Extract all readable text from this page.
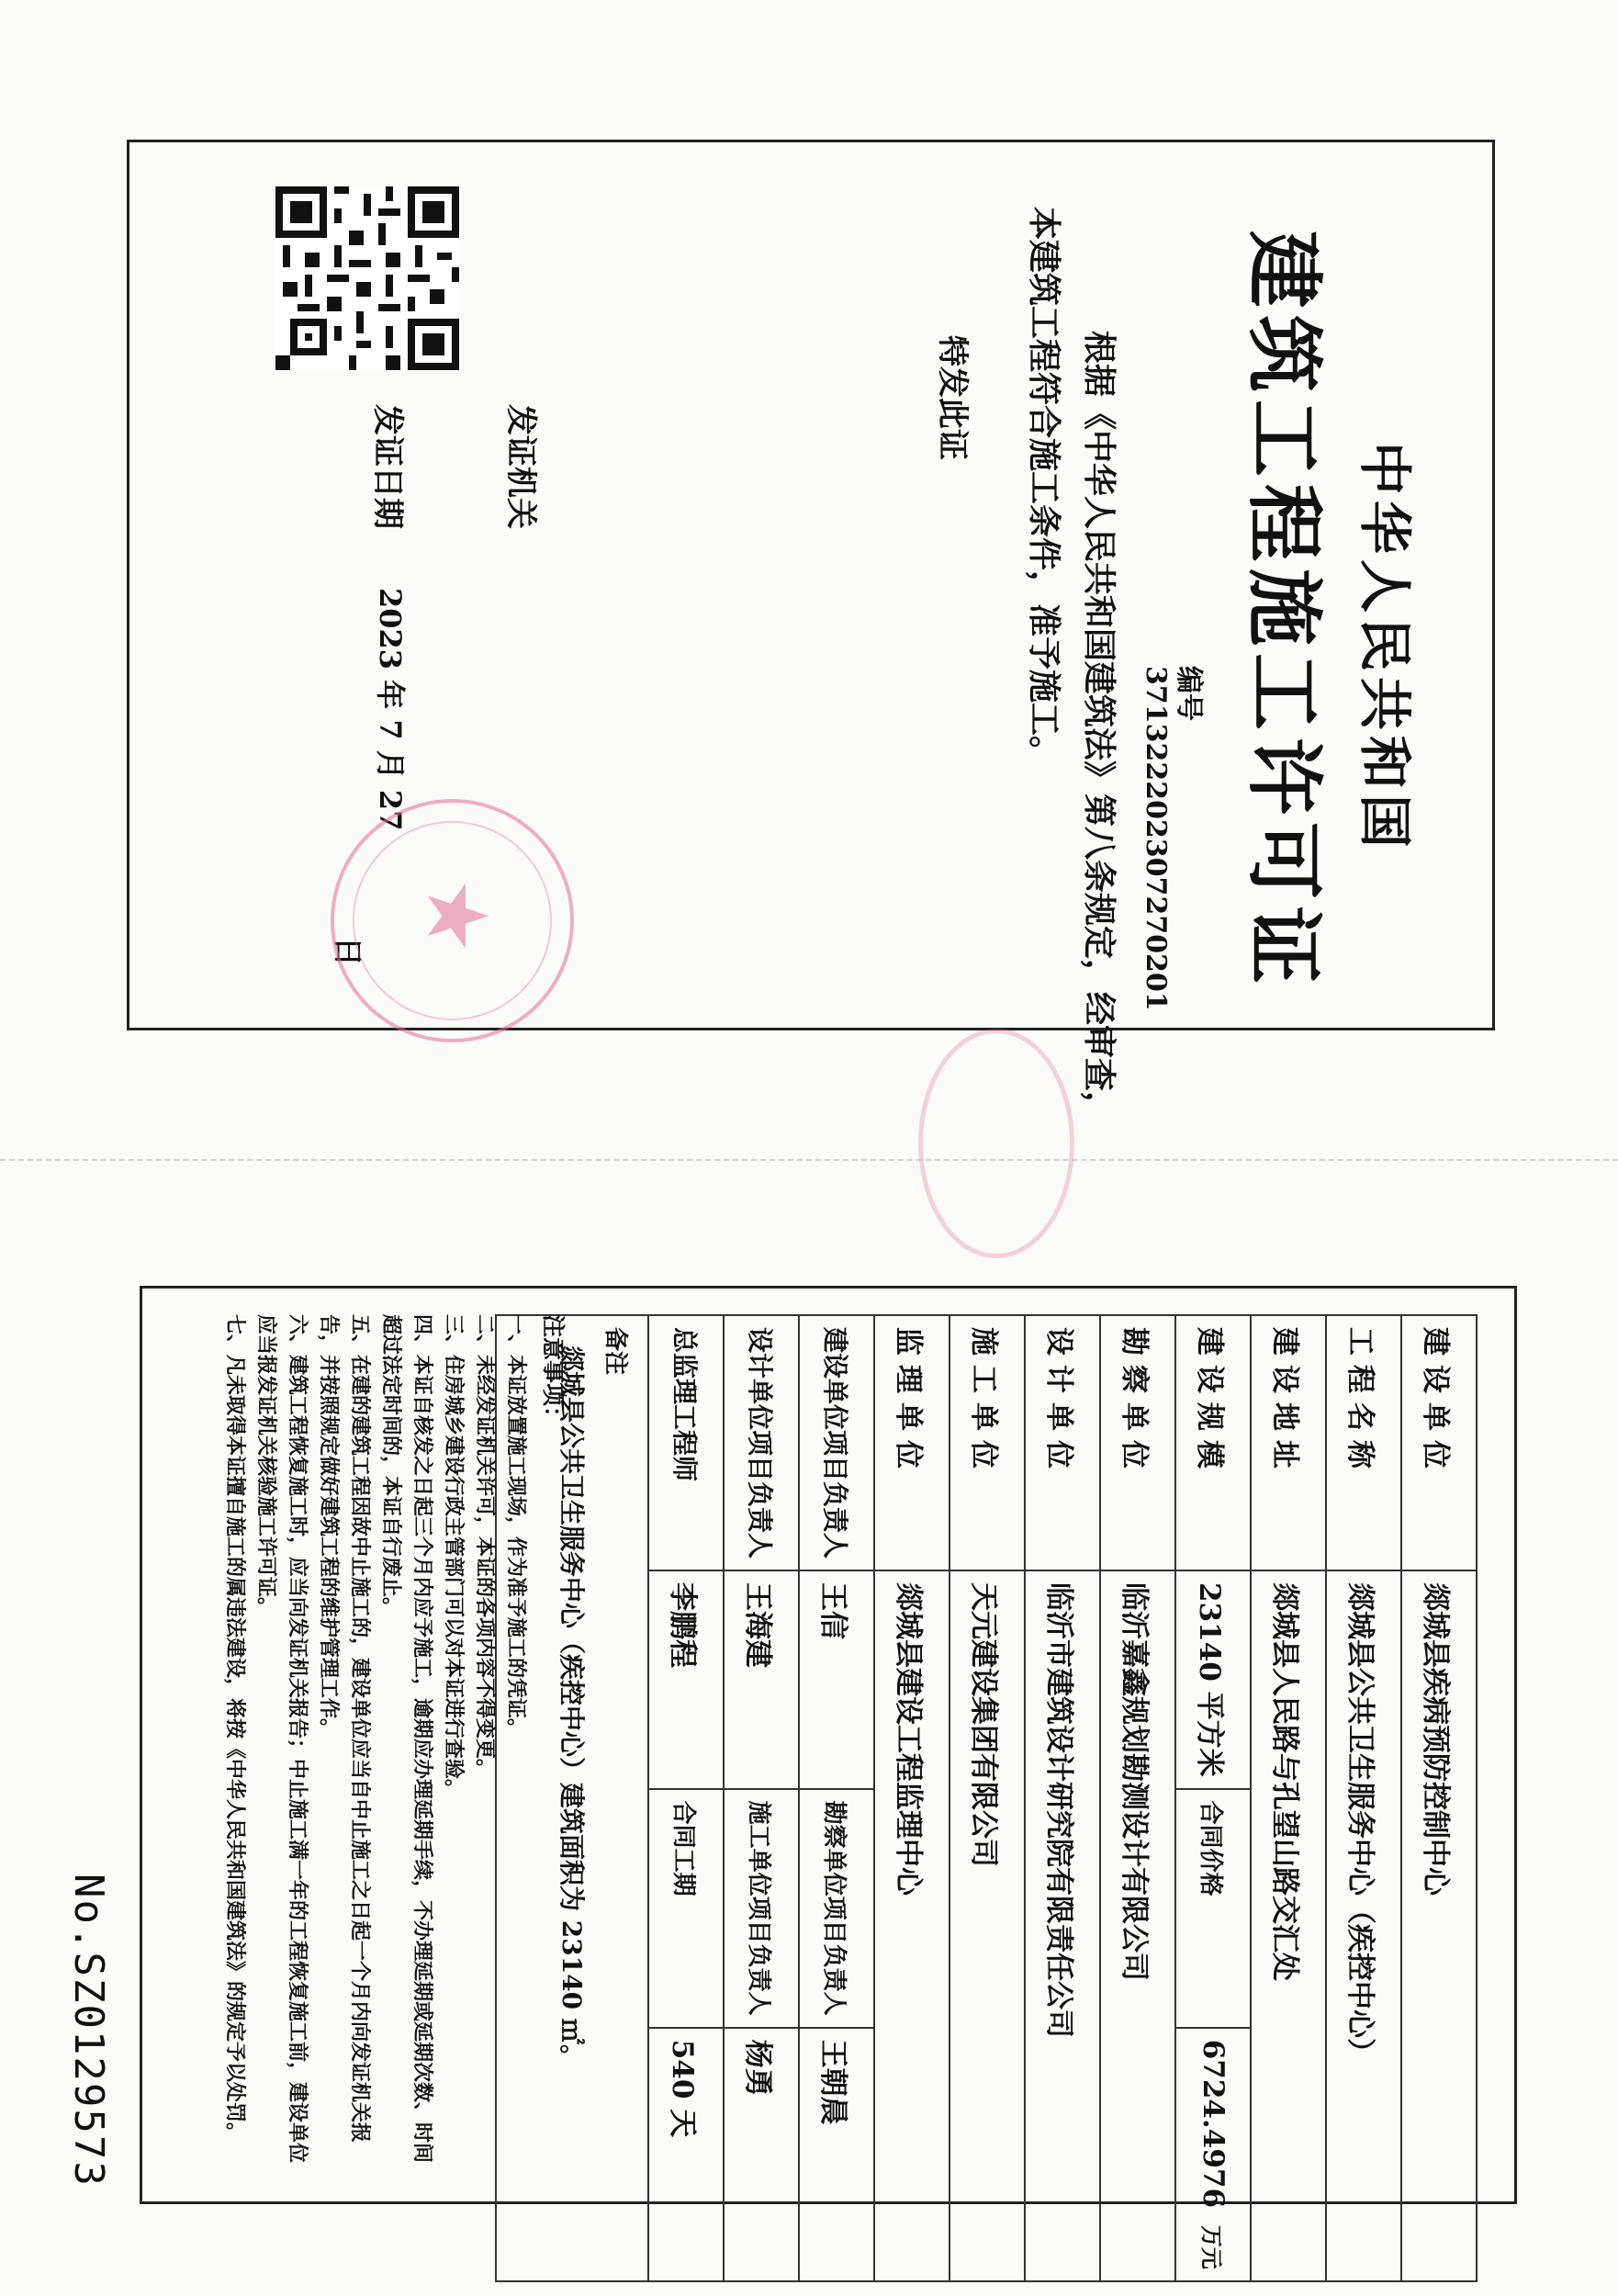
中华人民共和国
建筑工程施工许可证
编号371322202307270201
根据《中华人民共和国建筑法》第八条规定，经审查，
本建筑工程符合施工条件，准予施工。
特发此证
发证机关
发证日期
2023 年 7 月 27 日 ★
建设单位	郯城县疾病预防控制中心		
工程名称	郯城县公共卫生服务中心（疾控中心）		
建设地址	郯城县人民路与孔望山路交汇处		
建设规模	23140 平方米	合同价格	6724.4976 万元
勘察单位	临沂嘉鑫规划勘测设计有限公司		
设计单位	临沂市建筑设计研究院有限责任公司		
施工单位	天元建设集团有限公司		
监理单位	郯城县建设工程监理中心		
建设单位项目负责人	王信	勘察单位项目负责人	王朝晨
设计单位项目负责人	王海建	施工单位项目负责人	杨勇
总监理工程师	李鹏程	合同工期	540 天

备注
郯城县公共卫生服务中心（疾控中心）建筑面积为 23140 ㎡。			
注意事项：
一、本证放置施工现场，作为准予施工的凭证。
二、未经发证机关许可，本证的各项内容不得变更。
三、住房城乡建设行政主管部门可以对本证进行查验。
四、本证自核发之日起三个月内应予施工，逾期应办理延期手续，不办理延期或延期次数、时间超过法定时间的，本证自行废止。
五、在建的建筑工程因故中止施工的，建设单位应当自中止施工之日起一个月内向发证机关报告，并按照规定做好建筑工程的维护管理工作。
六、建筑工程恢复施工时，应当向发证机关报告；中止施工满一年的工程恢复施工前，建设单位应当报发证机关核验施工许可证。
七、凡未取得本证擅自施工的属违法建设，将按《中华人民共和国建筑法》的规定予以处罚。
No.SZ0129573
